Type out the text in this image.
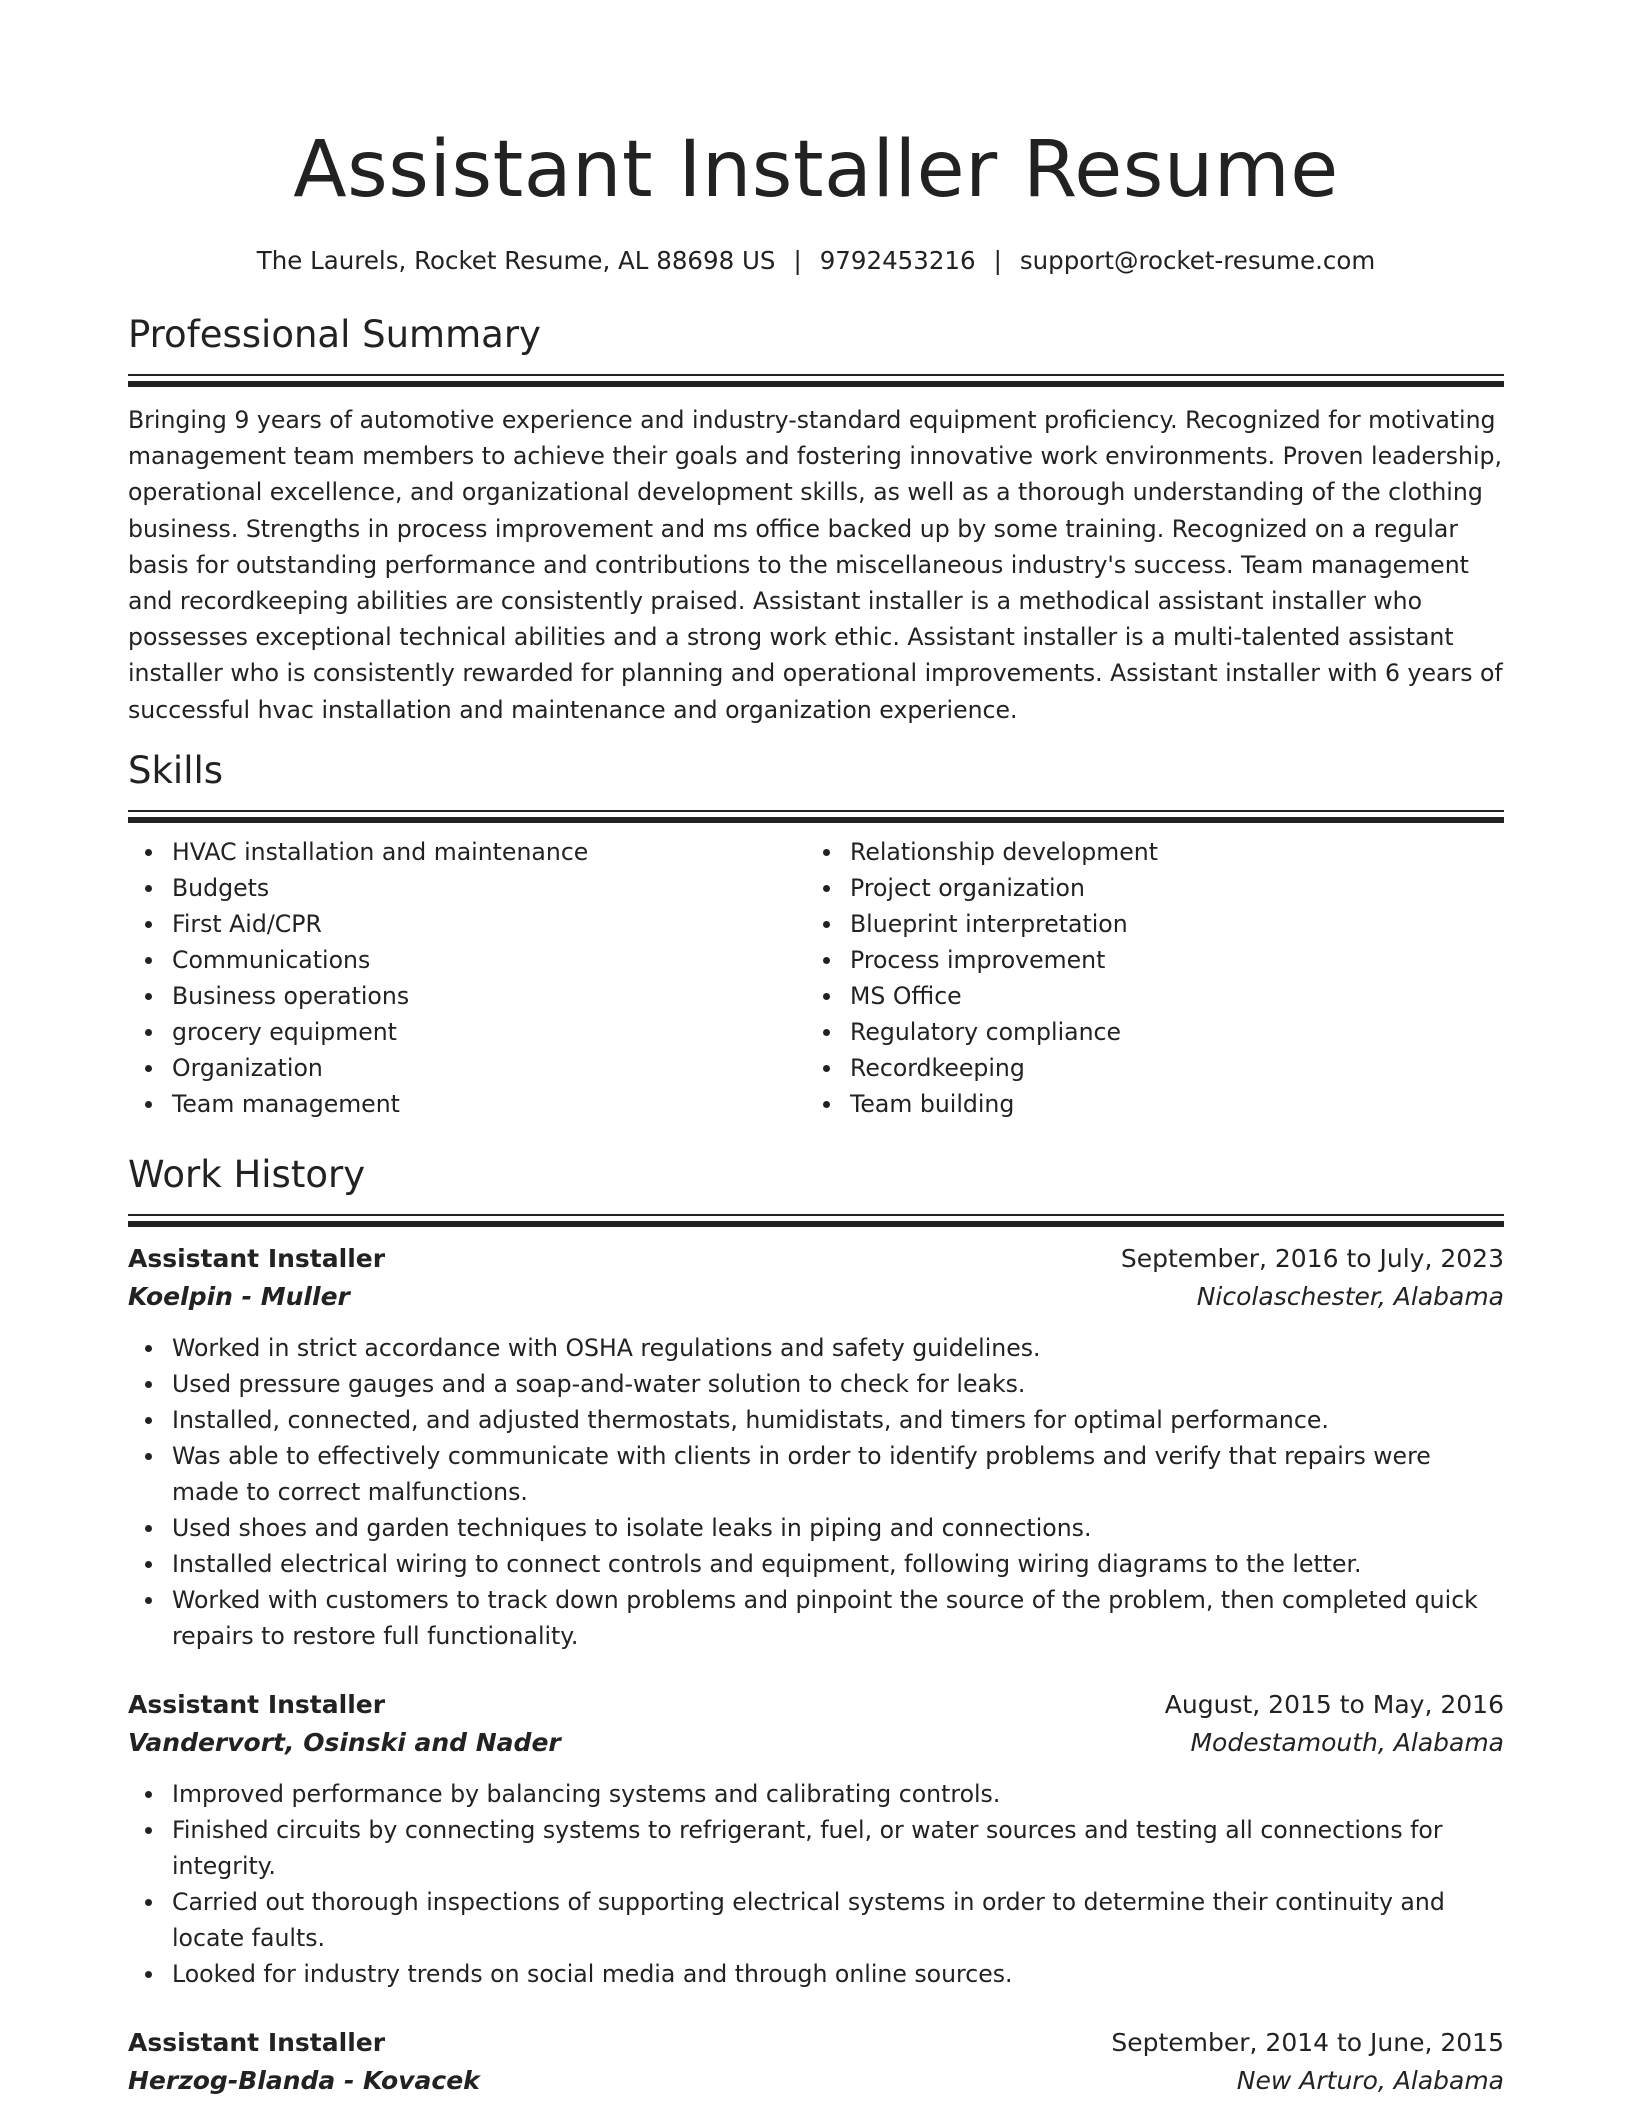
Assistant Installer Resume
The Laurels, Rocket Resume, AL 88698 US | 9792453216 | support@rocket-resume.com
Professional Summary

Bringing 9 years of automotive experience and industry-standard equipment proficiency. Recognized for motivating management team members to achieve their goals and fostering innovative work environments. Proven leadership, operational excellence, and organizational development skills, as well as a thorough understanding of the clothing business. Strengths in process improvement and ms office backed up by some training. Recognized on a regular basis for outstanding performance and contributions to the miscellaneous industry's success. Team management and recordkeeping abilities are consistently praised. Assistant installer is a methodical assistant installer who possesses exceptional technical abilities and a strong work ethic. Assistant installer is a multi-talented assistant installer who is consistently rewarded for planning and operational improvements. Assistant installer with 6 years of successful hvac installation and maintenance and organization experience.

Skills
HVAC installation and maintenance
Budgets
First Aid/CPR
Communications
Business operations
grocery equipment
Organization
Team management
Relationship development
Project organization
Blueprint interpretation
Process improvement
MS Office
Regulatory compliance
Recordkeeping
Team building
Work History
Assistant Installer	September, 2016 to July, 2023
Koelpin - Muller	Nicolaschester, Alabama
Worked in strict accordance with OSHA regulations and safety guidelines.
Used pressure gauges and a soap-and-water solution to check for leaks.
Installed, connected, and adjusted thermostats, humidistats, and timers for optimal performance.
Was able to effectively communicate with clients in order to identify problems and verify that repairs were made to correct malfunctions.
Used shoes and garden techniques to isolate leaks in piping and connections.
Installed electrical wiring to connect controls and equipment, following wiring diagrams to the letter.
Worked with customers to track down problems and pinpoint the source of the problem, then completed quick repairs to restore full functionality.
Assistant Installer	August, 2015 to May, 2016
Vandervort, Osinski and Nader	Modestamouth, Alabama
Improved performance by balancing systems and calibrating controls.
Finished circuits by connecting systems to refrigerant, fuel, or water sources and testing all connections for integrity.
Carried out thorough inspections of supporting electrical systems in order to determine their continuity and locate faults.
Looked for industry trends on social media and through online sources.
Assistant Installer	September, 2014 to June, 2015
Herzog-Blanda - Kovacek	New Arturo, Alabama
